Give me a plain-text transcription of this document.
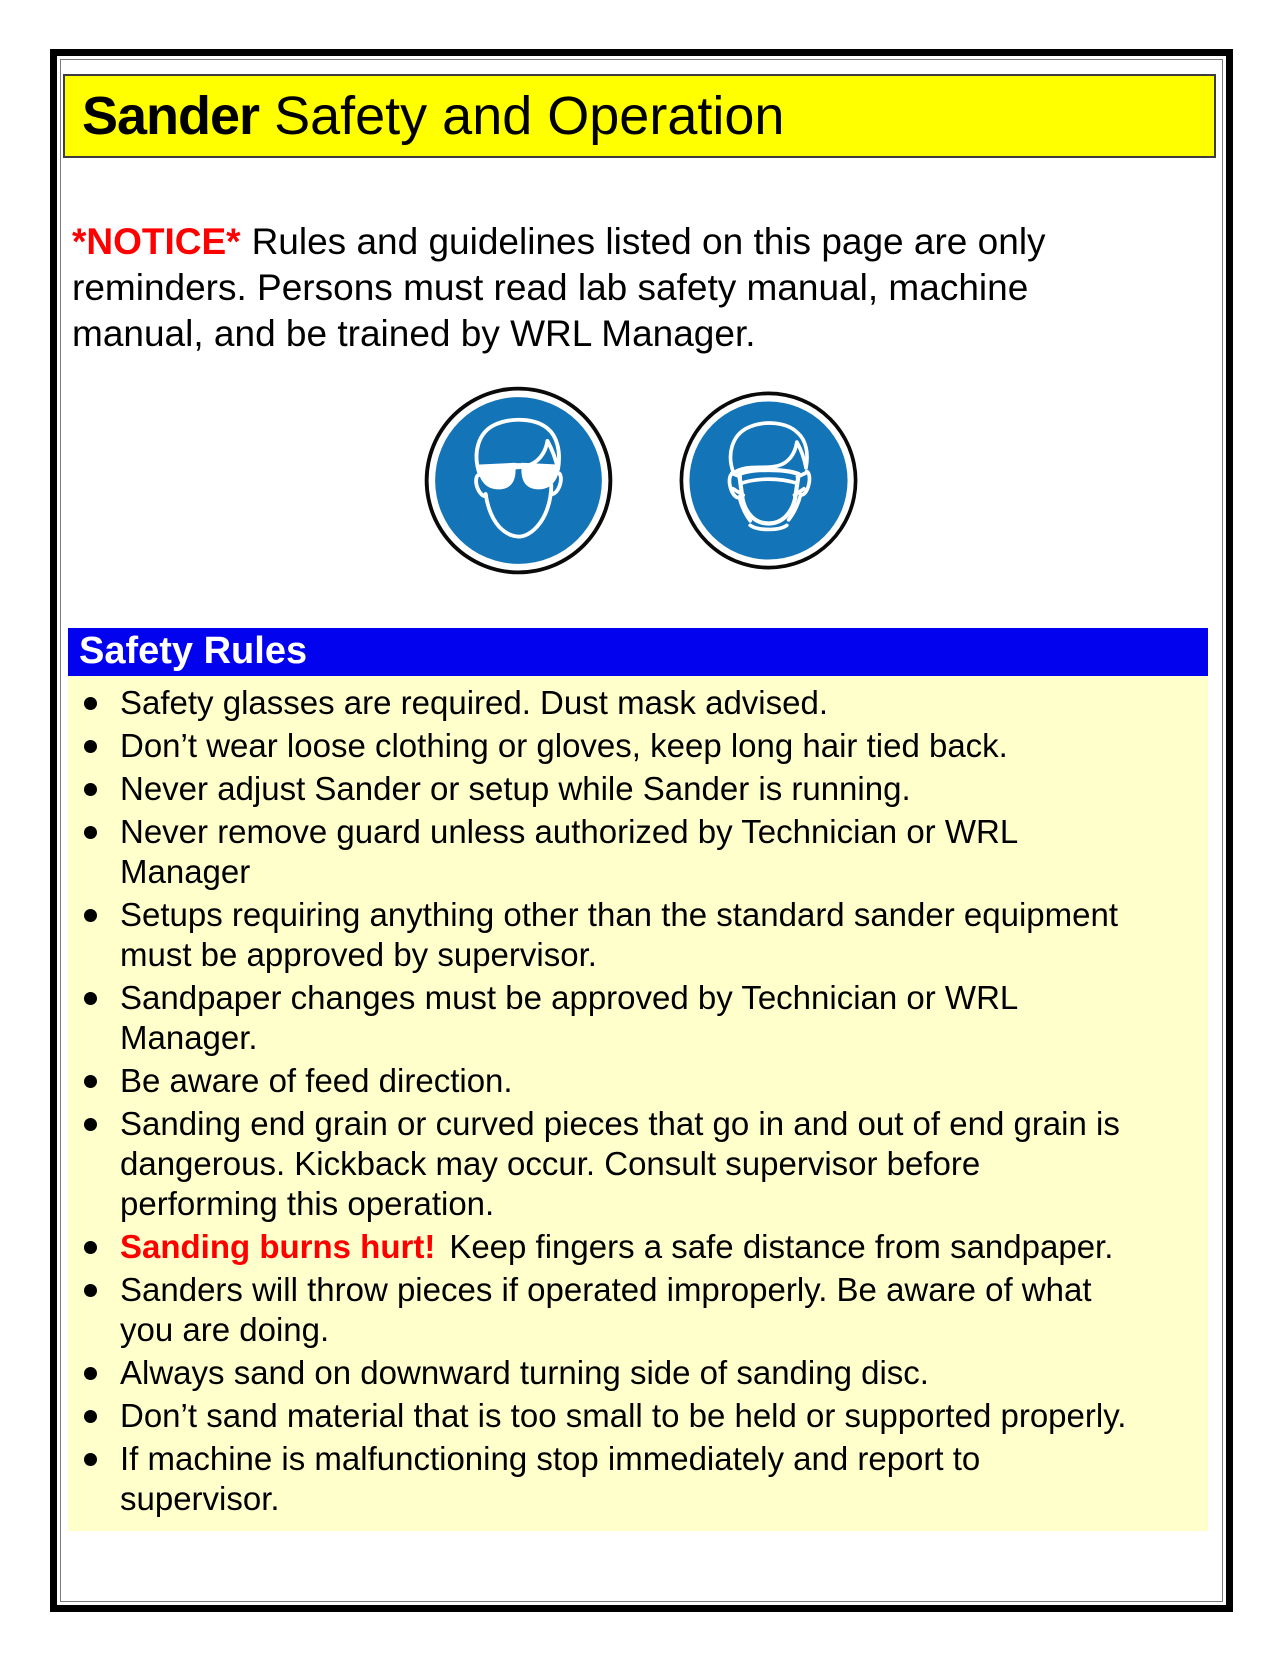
Sander Safety and Operation

*NOTICE* Rules and guidelines listed on this page are only reminders. Persons must read lab safety manual, machine manual, and be trained by WRL Manager.

Safety Rules
Safety glasses are required. Dust mask advised.
Don’t wear loose clothing or gloves, keep long hair tied back.
Never adjust Sander or setup while Sander is running.
Never remove guard unless authorized by Technician or WRL Manager
Setups requiring anything other than the standard sander equipment must be approved by supervisor.
Sandpaper changes must be approved by Technician or WRL Manager.
Be aware of feed direction.
Sanding end grain or curved pieces that go in and out of end grain is dangerous. Kickback may occur. Consult supervisor before performing this operation.
Sanding burns hurt! Keep fingers a safe distance from sandpaper.
Sanders will throw pieces if operated improperly. Be aware of what you are doing.
Always sand on downward turning side of sanding disc.
Don’t sand material that is too small to be held or supported properly.
If machine is malfunctioning stop immediately and report to supervisor.
